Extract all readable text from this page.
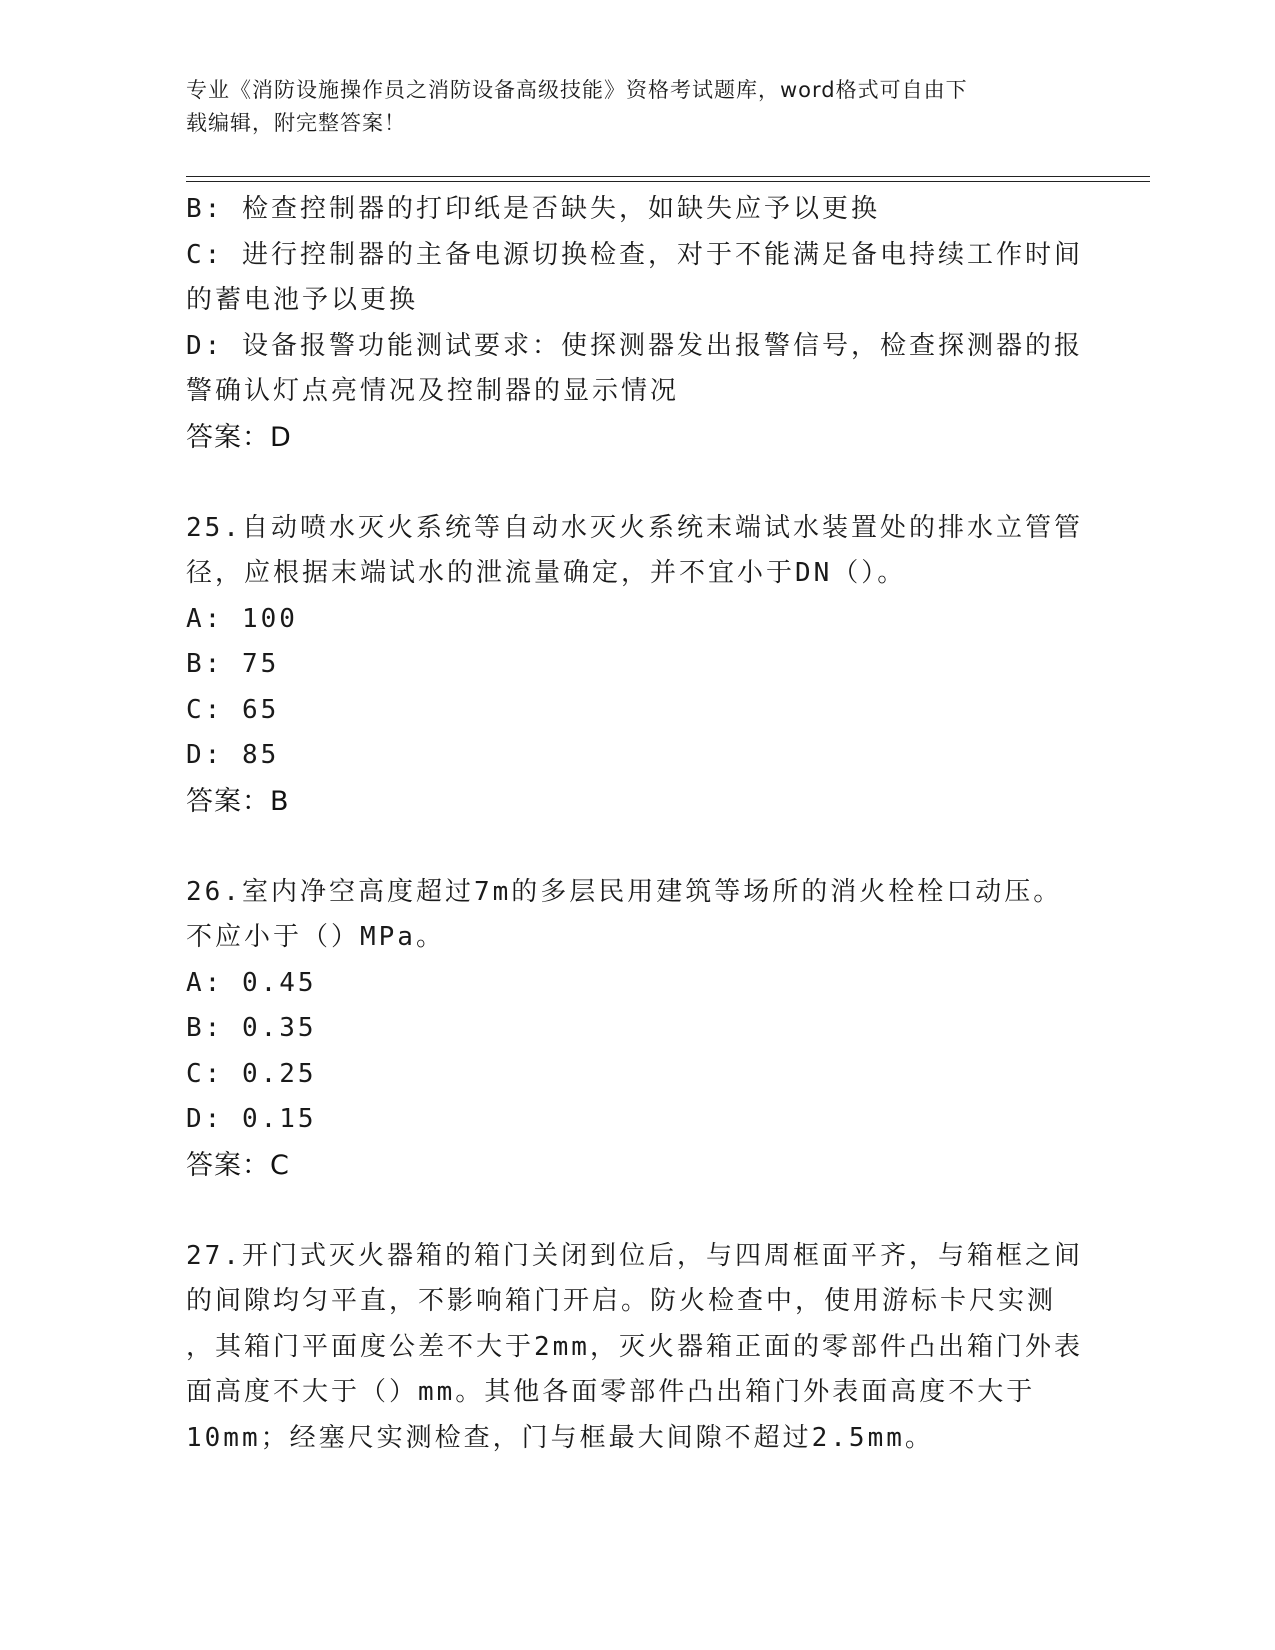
专业《消防设施操作员之消防设备高级技能》资格考试题库，word格式可自由下
载编辑，附完整答案！
B: 检查控制器的打印纸是否缺失，如缺失应予以更换
C: 进行控制器的主备电源切换检查，对于不能满足备电持续工作时间
的蓄电池予以更换
D: 设备报警功能测试要求：使探测器发出报警信号，检查探测器的报
警确认灯点亮情况及控制器的显示情况
答案：D
25.自动喷水灭火系统等自动水灭火系统末端试水装置处的排水立管管
径，应根据末端试水的泄流量确定，并不宜小于DN（）。
A: 100
B: 75
C: 65
D: 85
答案：B
26.室内净空高度超过7m的多层民用建筑等场所的消火栓栓口动压。
不应小于（）MPa。
A: 0.45
B: 0.35
C: 0.25
D: 0.15
答案：C
27.开门式灭火器箱的箱门关闭到位后，与四周框面平齐，与箱框之间
的间隙均匀平直，不影响箱门开启。防火检查中，使用游标卡尺实测
，其箱门平面度公差不大于2mm，灭火器箱正面的零部件凸出箱门外表
面高度不大于（）mm。其他各面零部件凸出箱门外表面高度不大于
10mm；经塞尺实测检查，门与框最大间隙不超过2.5mm。
